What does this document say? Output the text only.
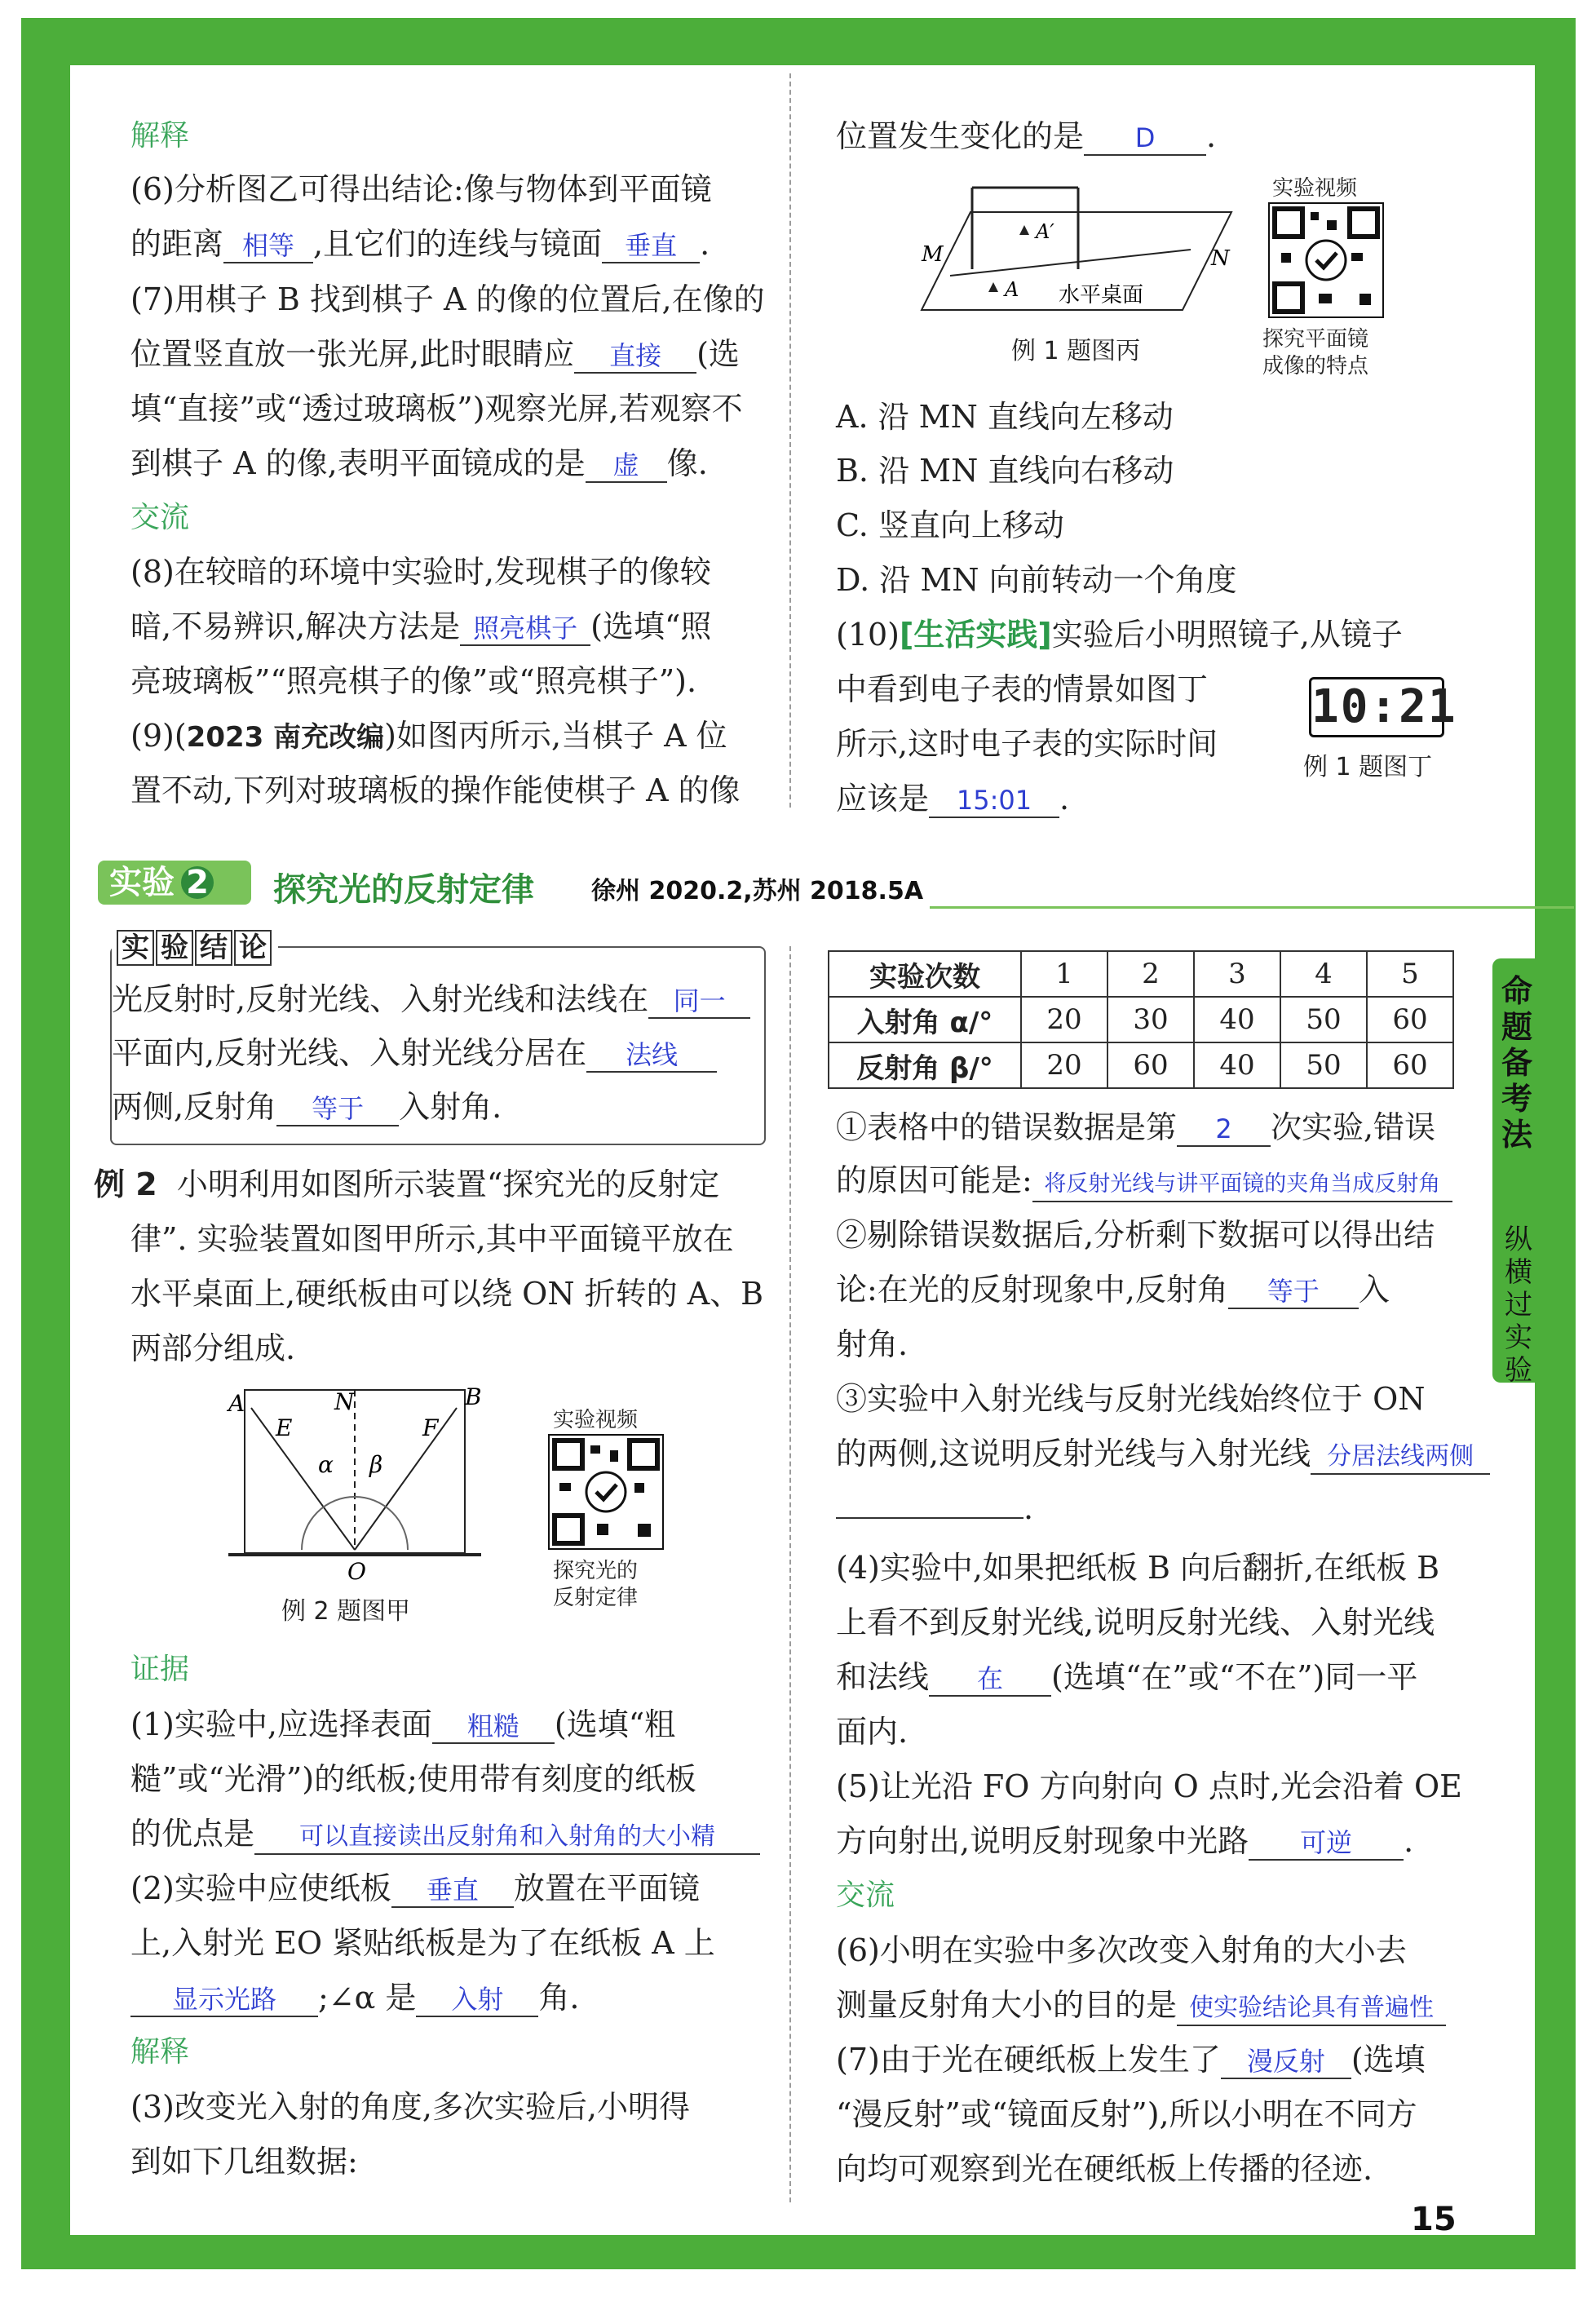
解释
(6)分析图乙可得出结论:像与物体到平面镜
的距离 相等 ,且它们的连线与镜面 垂直 .
(7)用棋子 B 找到棋子 A 的像的位置后,在像的
位置竖直放一张光屏,此时眼睛应 直接 (选
填“直接”或“透过玻璃板”)观察光屏,若观察不
到棋子 A 的像,表明平面镜成的是 虚 像.
交流
(8)在较暗的环境中实验时,发现棋子的像较
暗,不易辨识,解决方法是 照亮棋子 (选填“照
亮玻璃板”“照亮棋子的像”或“照亮棋子”).
(9)(2023 南充改编)如图丙所示,当棋子 A 位
置不动,下列对玻璃板的操作能使棋子 A 的像
位置发生变化的是 D .
M	N
A′
A 水平桌面
例 1 题图丙
实验视频
探究平面镜
成像的特点
A. 沿 MN 直线向左移动
B. 沿 MN 直线向右移动
C. 竖直向上移动
D. 沿 MN 向前转动一个角度
(10)[生活实践]实验后小明照镜子,从镜子
中看到电子表的情景如图丁
所示,这时电子表的实际时间
应该是 15:01 .
10:21
例 1 题图丁
实验 2	探究光的反射定律 徐州 2020.2,苏州 2018.5A
实 验 结 论
光反射时,反射光线、入射光线和法线在 同一
平面内,反射光线、入射光线分居在 法线
两侧,反射角 等于 入射角.
例 2 小明利用如图所示装置“探究光的反射定
律”. 实验装置如图甲所示,其中平面镜平放在
水平桌面上,硬纸板由可以绕 ON 折转的 A、B
两部分组成.
A	B
E	F
N
O
α β
例 2 题图甲
实验视频
探究光的
反射定律
证据
(1)实验中,应选择表面 粗糙 (选填“粗
糙”或“光滑”)的纸板;使用带有刻度的纸板
的优点是 可以直接读出反射角和入射角的大小精
(2)实验中应使纸板 垂直 放置在平面镜
上,入射光 EO 紧贴纸板是为了在纸板 A 上
显示光路 ;∠α 是 入射 角.
解释
(3)改变光入射的角度,多次实验后,小明得
到如下几组数据:
实验次数	1	2	3	4	5
入射角 α/°	20	30	40	50	60
反射角 β/°	20	60	40	50	60
①表格中的错误数据是第 2 次实验,错误
的原因可能是: 将反射光线与讲平面镜的夹角当成反射角
②剔除错误数据后,分析剩下数据可以得出结
论:在光的反射现象中,反射角 等于 入
射角.
③实验中入射光线与反射光线始终位于 ON
的两侧,这说明反射光线与入射光线 分居法线两侧
.
(4)实验中,如果把纸板 B 向后翻折,在纸板 B
上看不到反射光线,说明反射光线、入射光线
和法线 在 (选填“在”或“不在”)同一平
面内.
(5)让光沿 FO 方向射向 O 点时,光会沿着 OE
方向射出,说明反射现象中光路 可逆 .
交流
(6)小明在实验中多次改变入射角的大小去
测量反射角大小的目的是 使实验结论具有普遍性
(7)由于光在硬纸板上发生了 漫反射 (选填
“漫反射”或“镜面反射”),所以小明在不同方
向均可观察到光在硬纸板上传播的径迹.
命题备考法
纵横过实验
15
